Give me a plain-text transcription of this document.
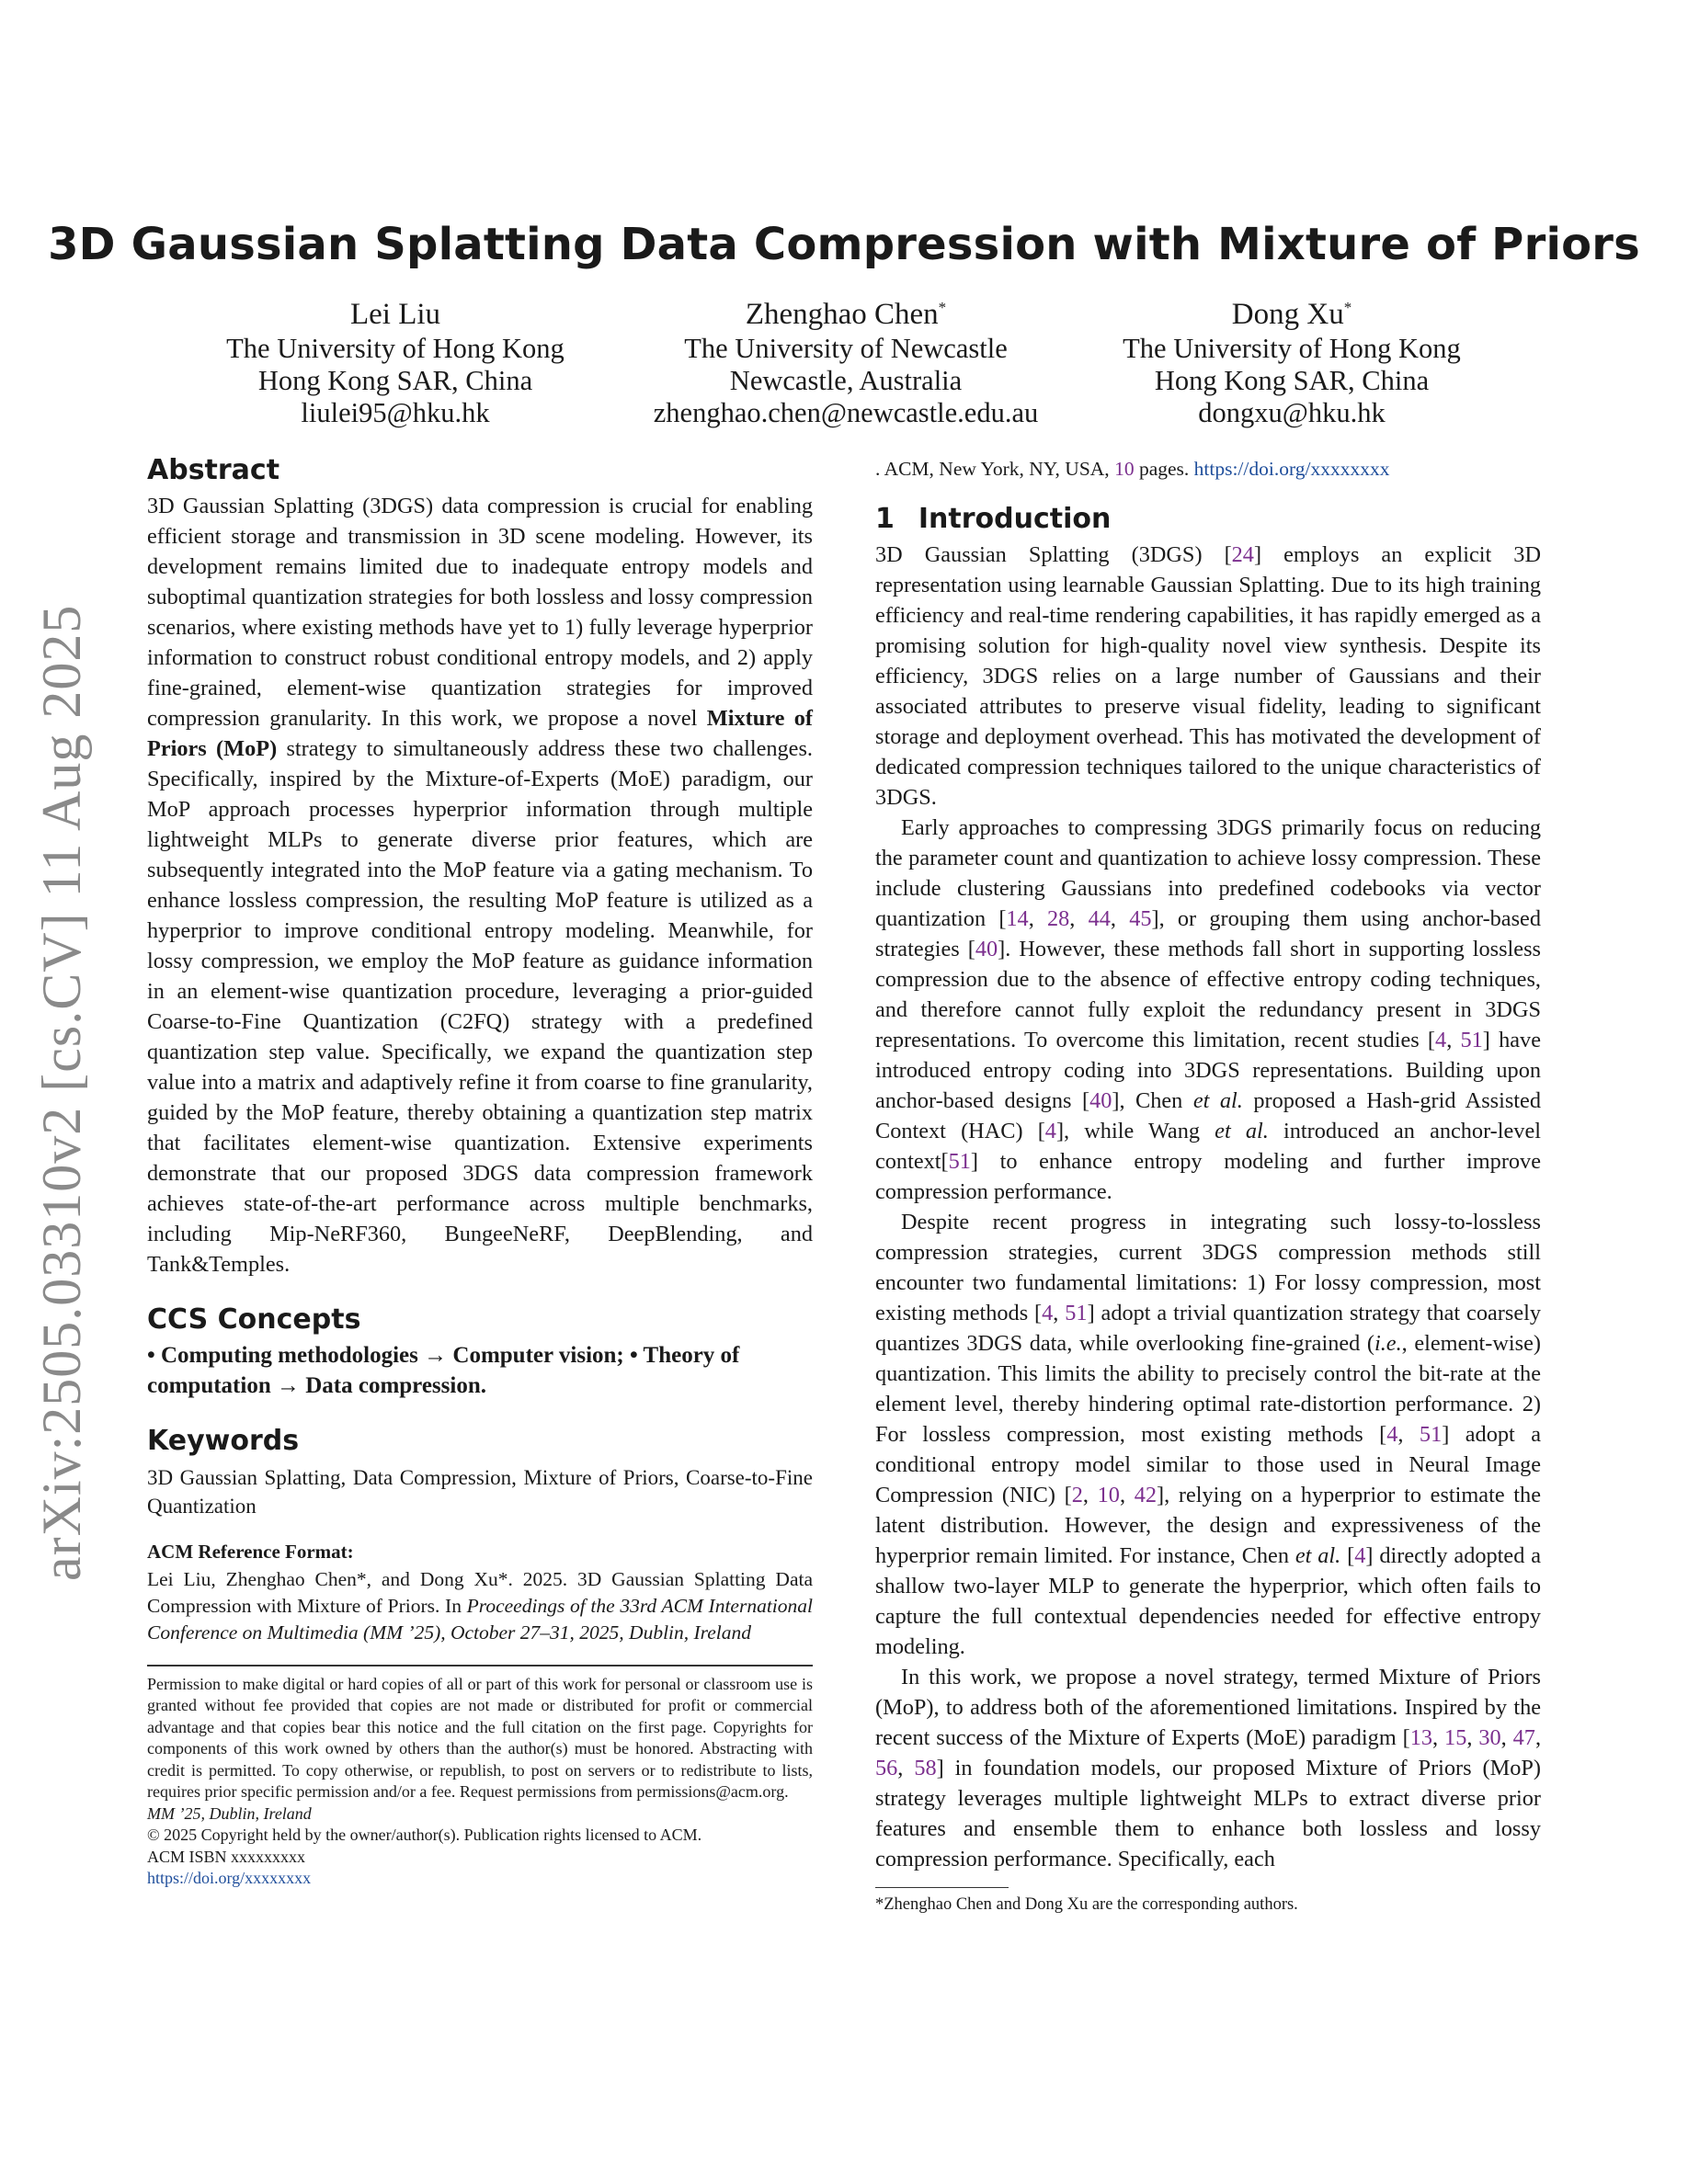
3D Gaussian Splatting Data Compression with Mixture of Priors
Lei Liu
The University of Hong Kong
Hong Kong SAR, China
liulei95@hku.hk
Zhenghao Chen*
The University of Newcastle
Newcastle, Australia
zhenghao.chen@newcastle.edu.au
Dong Xu*
The University of Hong Kong
Hong Kong SAR, China
dongxu@hku.hk
arXiv:2505.03310v2 [cs.CV] 11 Aug 2025
Abstract

3D Gaussian Splatting (3DGS) data compression is crucial for enabling efficient storage and transmission in 3D scene modeling. However, its development remains limited due to inadequate entropy models and suboptimal quantization strategies for both lossless and lossy compression scenarios, where existing methods have yet to 1) fully leverage hyperprior information to construct robust conditional entropy models, and 2) apply fine-grained, element-wise quantization strategies for improved compression granularity. In this work, we propose a novel Mixture of Priors (MoP) strategy to simultaneously address these two challenges. Specifically, inspired by the Mixture-of-Experts (MoE) paradigm, our MoP approach processes hyperprior information through multiple lightweight MLPs to generate diverse prior features, which are subsequently integrated into the MoP feature via a gating mechanism. To enhance lossless compression, the resulting MoP feature is utilized as a hyperprior to improve conditional entropy modeling. Meanwhile, for lossy compression, we employ the MoP feature as guidance information in an element-wise quantization procedure, leveraging a prior-guided Coarse-to-Fine Quantization (C2FQ) strategy with a predefined quantization step value. Specifically, we expand the quantization step value into a matrix and adaptively refine it from coarse to fine granularity, guided by the MoP feature, thereby obtaining a quantization step matrix that facilitates element-wise quantization. Extensive experiments demonstrate that our proposed 3DGS data compression framework achieves state-of-the-art performance across multiple benchmarks, including Mip-NeRF360, BungeeNeRF, DeepBlending, and Tank&Temples.

CCS Concepts

• Computing methodologies → Computer vision; • Theory of computation → Data compression.

Keywords

3D Gaussian Splatting, Data Compression, Mixture of Priors, Coarse-to-Fine Quantization

ACM Reference Format:

Lei Liu, Zhenghao Chen*, and Dong Xu*. 2025. 3D Gaussian Splatting Data Compression with Mixture of Priors. In Proceedings of the 33rd ACM International Conference on Multimedia (MM ’25), October 27–31, 2025, Dublin, Ireland

Permission to make digital or hard copies of all or part of this work for personal or classroom use is granted without fee provided that copies are not made or distributed for profit or commercial advantage and that copies bear this notice and the full citation on the first page. Copyrights for components of this work owned by others than the author(s) must be honored. Abstracting with credit is permitted. To copy otherwise, or republish, to post on servers or to redistribute to lists, requires prior specific permission and/or a fee. Request permissions from permissions@acm.org.

MM ’25, Dublin, Ireland

© 2025 Copyright held by the owner/author(s). Publication rights licensed to ACM.

ACM ISBN xxxxxxxxx

https://doi.org/xxxxxxxx

. ACM, New York, NY, USA, 10 pages. https://doi.org/xxxxxxxx

1 Introduction

3D Gaussian Splatting (3DGS) [24] employs an explicit 3D representation using learnable Gaussian Splatting. Due to its high training efficiency and real-time rendering capabilities, it has rapidly emerged as a promising solution for high-quality novel view synthesis. Despite its efficiency, 3DGS relies on a large number of Gaussians and their associated attributes to preserve visual fidelity, leading to significant storage and deployment overhead. This has motivated the development of dedicated compression techniques tailored to the unique characteristics of 3DGS.

Early approaches to compressing 3DGS primarily focus on reducing the parameter count and quantization to achieve lossy compression. These include clustering Gaussians into predefined codebooks via vector quantization [14, 28, 44, 45], or grouping them using anchor-based strategies [40]. However, these methods fall short in supporting lossless compression due to the absence of effective entropy coding techniques, and therefore cannot fully exploit the redundancy present in 3DGS representations. To overcome this limitation, recent studies [4, 51] have introduced entropy coding into 3DGS representations. Building upon anchor-based designs [40], Chen et al. proposed a Hash-grid Assisted Context (HAC) [4], while Wang et al. introduced an anchor-level context[51] to enhance entropy modeling and further improve compression performance.

Despite recent progress in integrating such lossy-to-lossless compression strategies, current 3DGS compression methods still encounter two fundamental limitations: 1) For lossy compression, most existing methods [4, 51] adopt a trivial quantization strategy that coarsely quantizes 3DGS data, while overlooking fine-grained (i.e., element-wise) quantization. This limits the ability to precisely control the bit-rate at the element level, thereby hindering optimal rate-distortion performance. 2) For lossless compression, most existing methods [4, 51] adopt a conditional entropy model similar to those used in Neural Image Compression (NIC) [2, 10, 42], relying on a hyperprior to estimate the latent distribution. However, the design and expressiveness of the hyperprior remain limited. For instance, Chen et al. [4] directly adopted a shallow two-layer MLP to generate the hyperprior, which often fails to capture the full contextual dependencies needed for effective entropy modeling.

In this work, we propose a novel strategy, termed Mixture of Priors (MoP), to address both of the aforementioned limitations. Inspired by the recent success of the Mixture of Experts (MoE) paradigm [13, 15, 30, 47, 56, 58] in foundation models, our proposed Mixture of Priors (MoP) strategy leverages multiple lightweight MLPs to extract diverse prior features and ensemble them to enhance both lossless and lossy compression performance. Specifically, each

*Zhenghao Chen and Dong Xu are the corresponding authors.
